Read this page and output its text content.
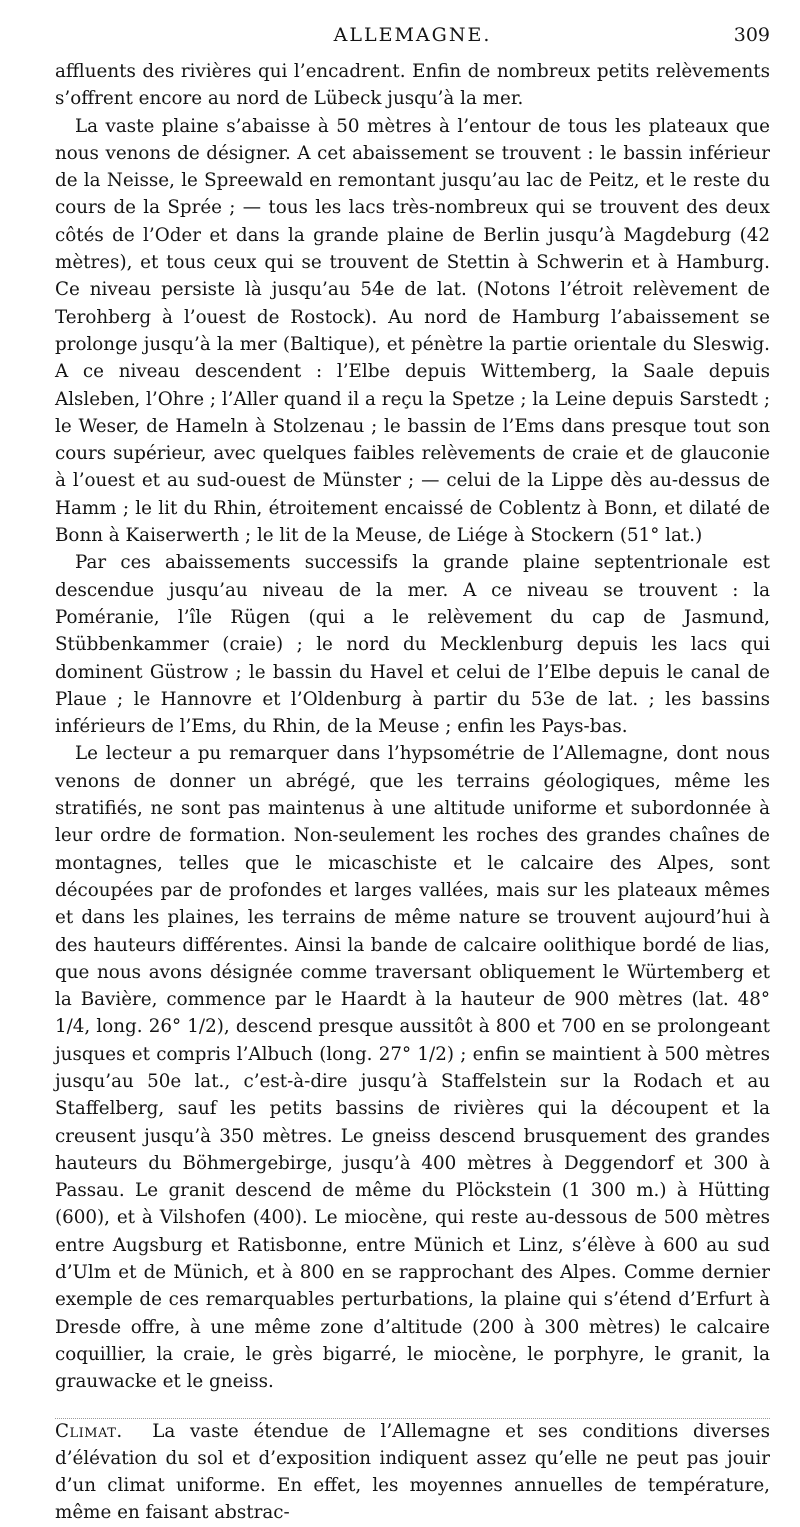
ALLEMAGNE.	309

affluents des rivières qui l’encadrent. Enfin de nombreux petits relèvements s’offrent encore au nord de Lübeck jusqu’à la mer.

La vaste plaine s’abaisse à 50 mètres à l’entour de tous les plateaux que nous venons de désigner. A cet abaissement se trouvent : le bassin inférieur de la Neisse, le Spreewald en remontant jusqu’au lac de Peitz, et le reste du cours de la Sprée ; — tous les lacs très-nombreux qui se trouvent des deux côtés de l’Oder et dans la grande plaine de Berlin jusqu’à Magdeburg (42 mètres), et tous ceux qui se trouvent de Stettin à Schwerin et à Hamburg. Ce niveau persiste là jusqu’au 54e de lat. (Notons l’étroit relèvement de Terohberg à l’ouest de Rostock). Au nord de Hamburg l’abaissement se prolonge jusqu’à la mer (Baltique), et pénètre la partie orientale du Sleswig. A ce niveau descendent : l’Elbe depuis Wittemberg, la Saale depuis Alsleben, l’Ohre ; l’Aller quand il a reçu la Spetze ; la Leine depuis Sarstedt ; le Weser, de Hameln à Stolzenau ; le bassin de l’Ems dans presque tout son cours supérieur, avec quelques faibles relèvements de craie et de glauconie à l’ouest et au sud-ouest de Münster ; — celui de la Lippe dès au-dessus de Hamm ; le lit du Rhin, étroitement encaissé de Coblentz à Bonn, et dilaté de Bonn à Kaiserwerth ; le lit de la Meuse, de Liége à Stockern (51° lat.)

Par ces abaissements successifs la grande plaine septentrionale est descendue jusqu’au niveau de la mer. A ce niveau se trouvent : la Poméranie, l’île Rügen (qui a le relèvement du cap de Jasmund, Stübbenkammer (craie) ; le nord du Mecklenburg depuis les lacs qui dominent Güstrow ; le bassin du Havel et celui de l’Elbe depuis le canal de Plaue ; le Hannovre et l’Oldenburg à partir du 53e de lat. ; les bassins inférieurs de l’Ems, du Rhin, de la Meuse ; enfin les Pays-bas.

Le lecteur a pu remarquer dans l’hypsométrie de l’Allemagne, dont nous venons de donner un abrégé, que les terrains géologiques, même les stratifiés, ne sont pas maintenus à une altitude uniforme et subordonnée à leur ordre de formation. Non-seulement les roches des grandes chaînes de montagnes, telles que le micaschiste et le calcaire des Alpes, sont découpées par de profondes et larges vallées, mais sur les plateaux mêmes et dans les plaines, les terrains de même nature se trouvent aujourd’hui à des hauteurs différentes. Ainsi la bande de calcaire oolithique bordé de lias, que nous avons désignée comme traversant obliquement le Würtemberg et la Bavière, commence par le Haardt à la hauteur de 900 mètres (lat. 48° 1/4, long. 26° 1/2), descend presque aussitôt à 800 et 700 en se prolongeant jusques et compris l’Albuch (long. 27° 1/2) ; enfin se maintient à 500 mètres jusqu’au 50e lat., c’est-à-dire jusqu’à Staffelstein sur la Rodach et au Staffelberg, sauf les petits bassins de rivières qui la découpent et la creusent jusqu’à 350 mètres. Le gneiss descend brusquement des grandes hauteurs du Böhmergebirge, jusqu’à 400 mètres à Deggendorf et 300 à Passau. Le granit descend de même du Plöckstein (1 300 m.) à Hütting (600), et à Vilshofen (400). Le miocène, qui reste au-dessous de 500 mètres entre Augsburg et Ratisbonne, entre Münich et Linz, s’élève à 600 au sud d’Ulm et de Münich, et à 800 en se rapprochant des Alpes. Comme dernier exemple de ces remarquables perturbations, la plaine qui s’étend d’Erfurt à Dresde offre, à une même zone d’altitude (200 à 300 mètres) le calcaire coquillier, la craie, le grès bigarré, le miocène, le porphyre, le granit, la grauwacke et le gneiss.

Climat. La vaste étendue de l’Allemagne et ses conditions diverses d’élévation du sol et d’exposition indiquent assez qu’elle ne peut pas jouir d’un climat uniforme. En effet, les moyennes annuelles de température, même en faisant abstrac-
